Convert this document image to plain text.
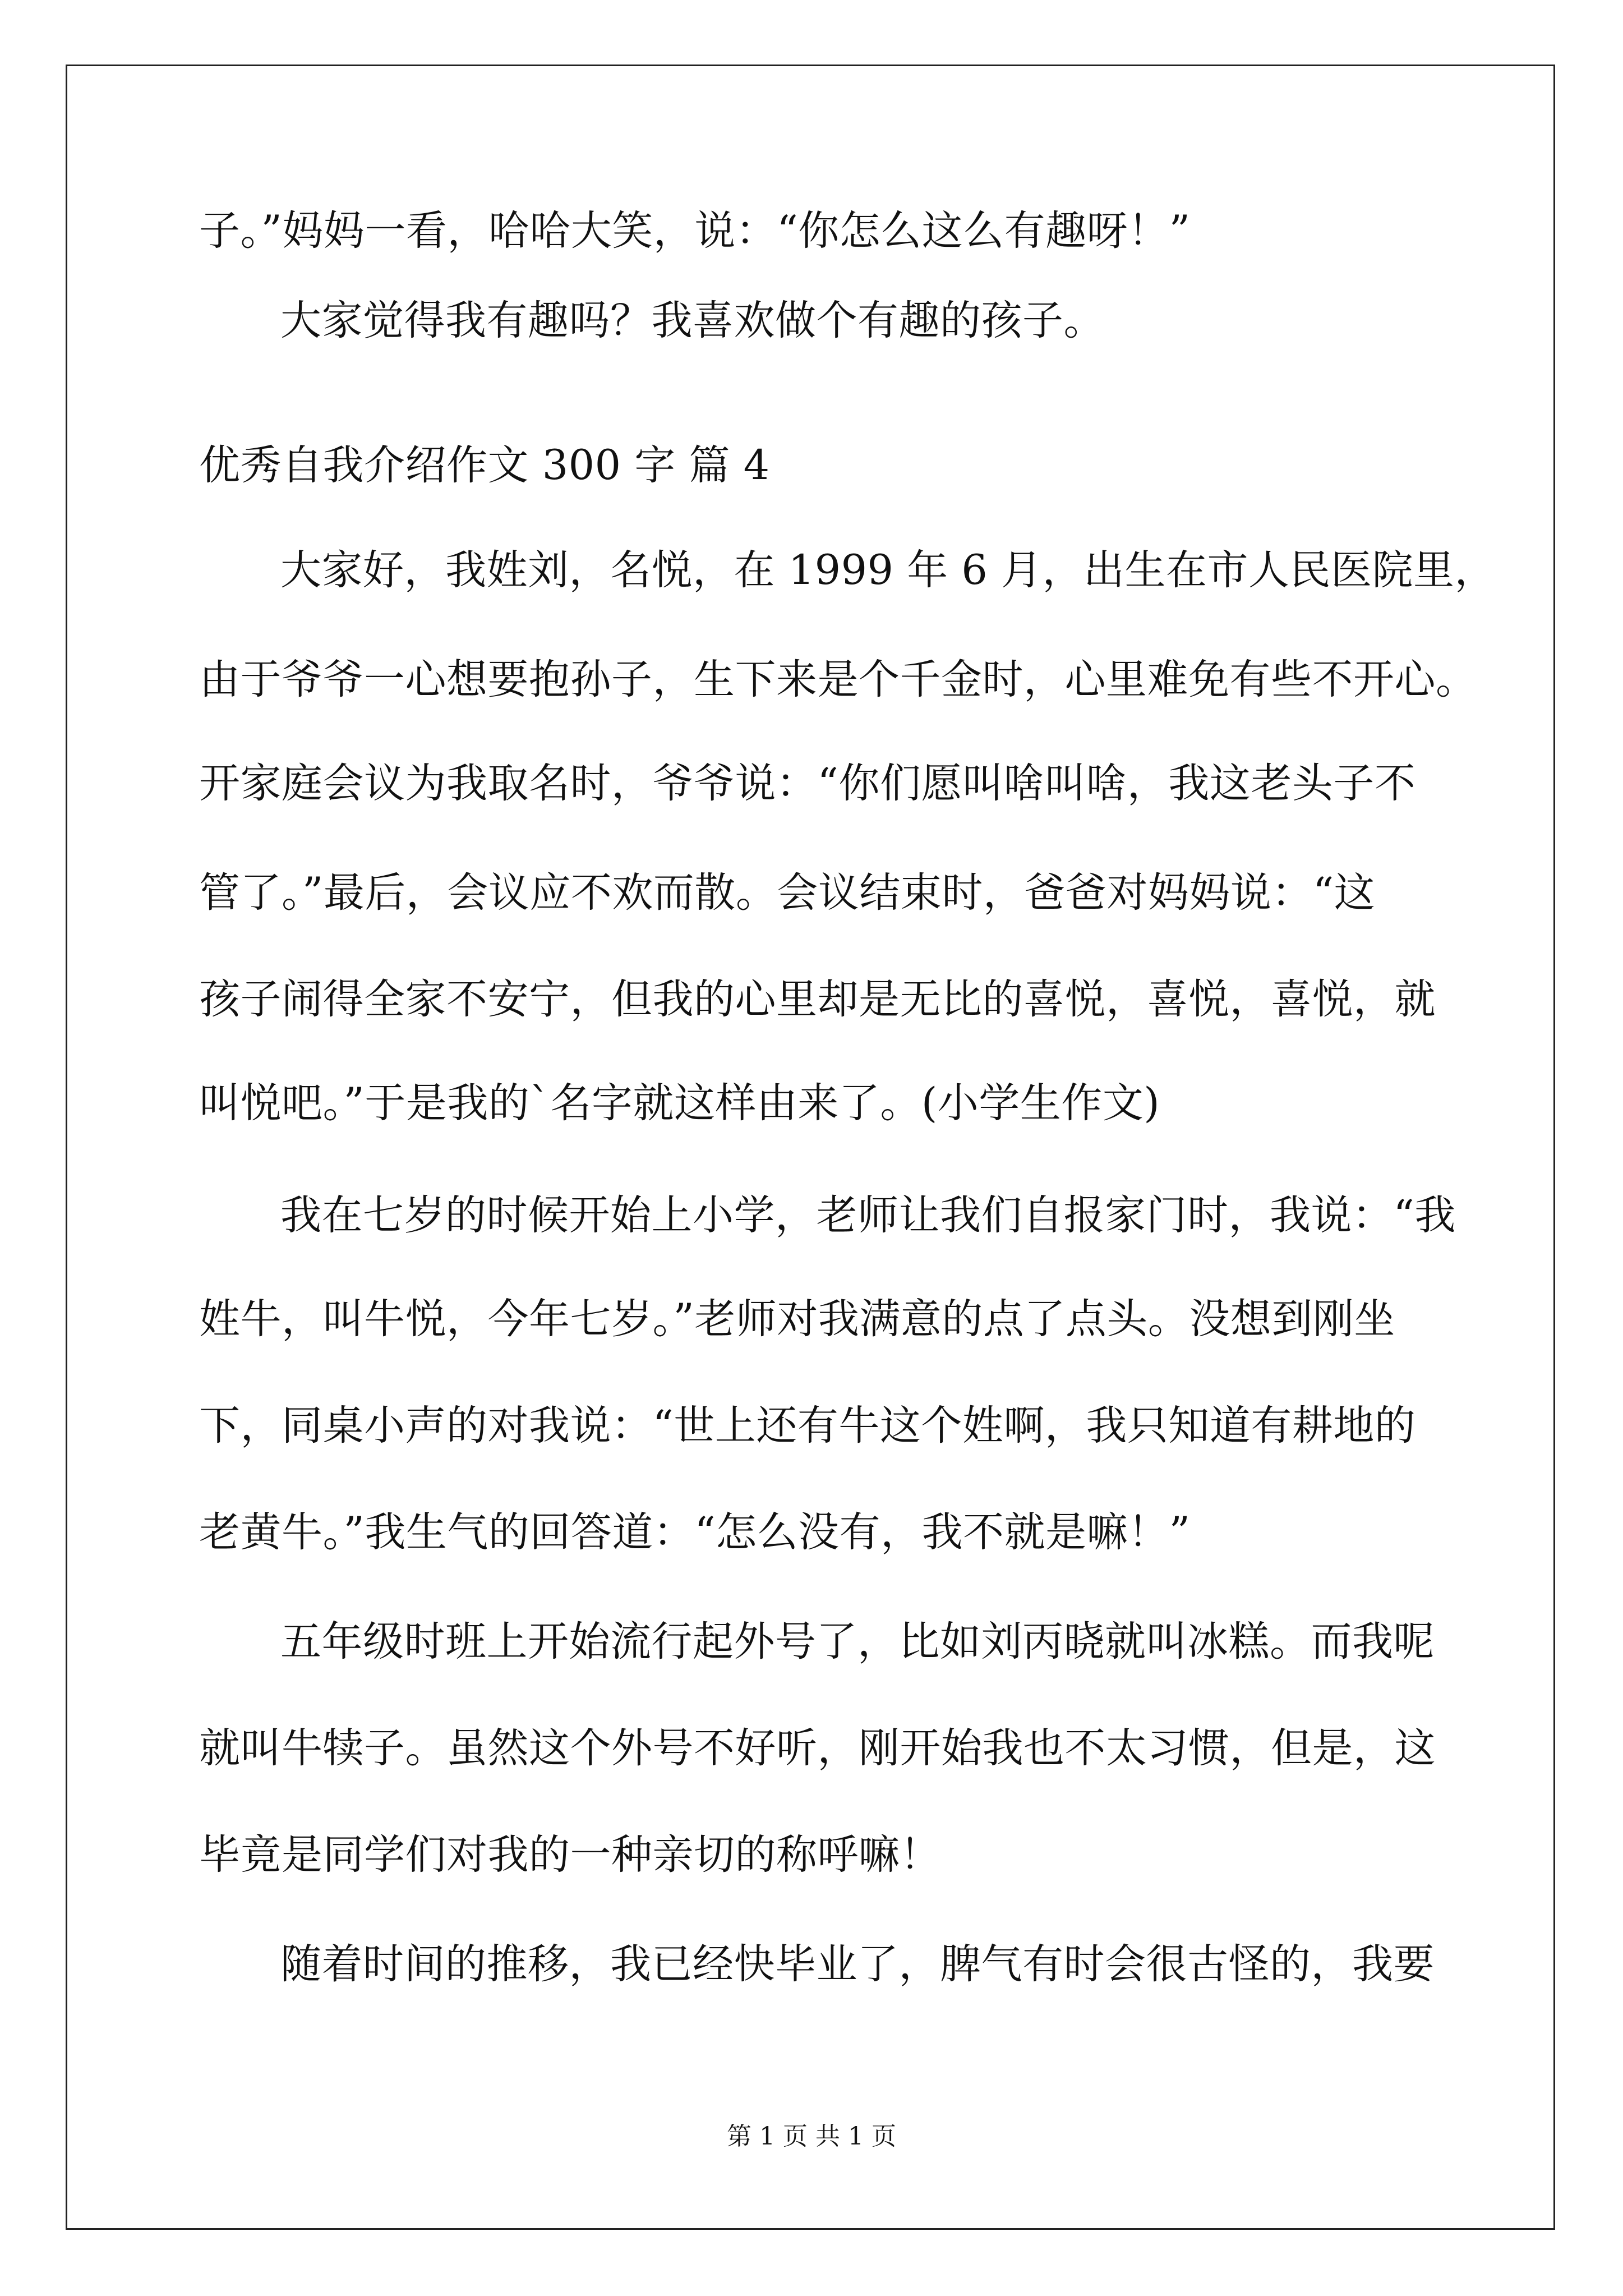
子。”妈妈一看，哈哈大笑，说：“你怎么这么有趣呀！”

大家觉得我有趣吗？我喜欢做个有趣的孩子。

优秀自我介绍作文 300 字 篇 4

大家好，我姓刘，名悦，在 1999 年 6 月，出生在市人民医院里，

由于爷爷一心想要抱孙子，生下来是个千金时，心里难免有些不开心。

开家庭会议为我取名时，爷爷说：“你们愿叫啥叫啥，我这老头子不

管了。”最后，会议应不欢而散。会议结束时，爸爸对妈妈说：“这

孩子闹得全家不安宁，但我的心里却是无比的喜悦，喜悦，喜悦，就

叫悦吧。”于是我的`名字就这样由来了。(小学生作文)

我在七岁的时候开始上小学，老师让我们自报家门时，我说：“我

姓牛，叫牛悦，今年七岁。”老师对我满意的点了点头。没想到刚坐

下，同桌小声的对我说：“世上还有牛这个姓啊，我只知道有耕地的

老黄牛。”我生气的回答道：“怎么没有，我不就是嘛！”

五年级时班上开始流行起外号了，比如刘丙晓就叫冰糕。而我呢

就叫牛犊子。虽然这个外号不好听，刚开始我也不太习惯，但是，这

毕竟是同学们对我的一种亲切的称呼嘛！

随着时间的推移，我已经快毕业了，脾气有时会很古怪的，我要

第 1 页 共 1 页
